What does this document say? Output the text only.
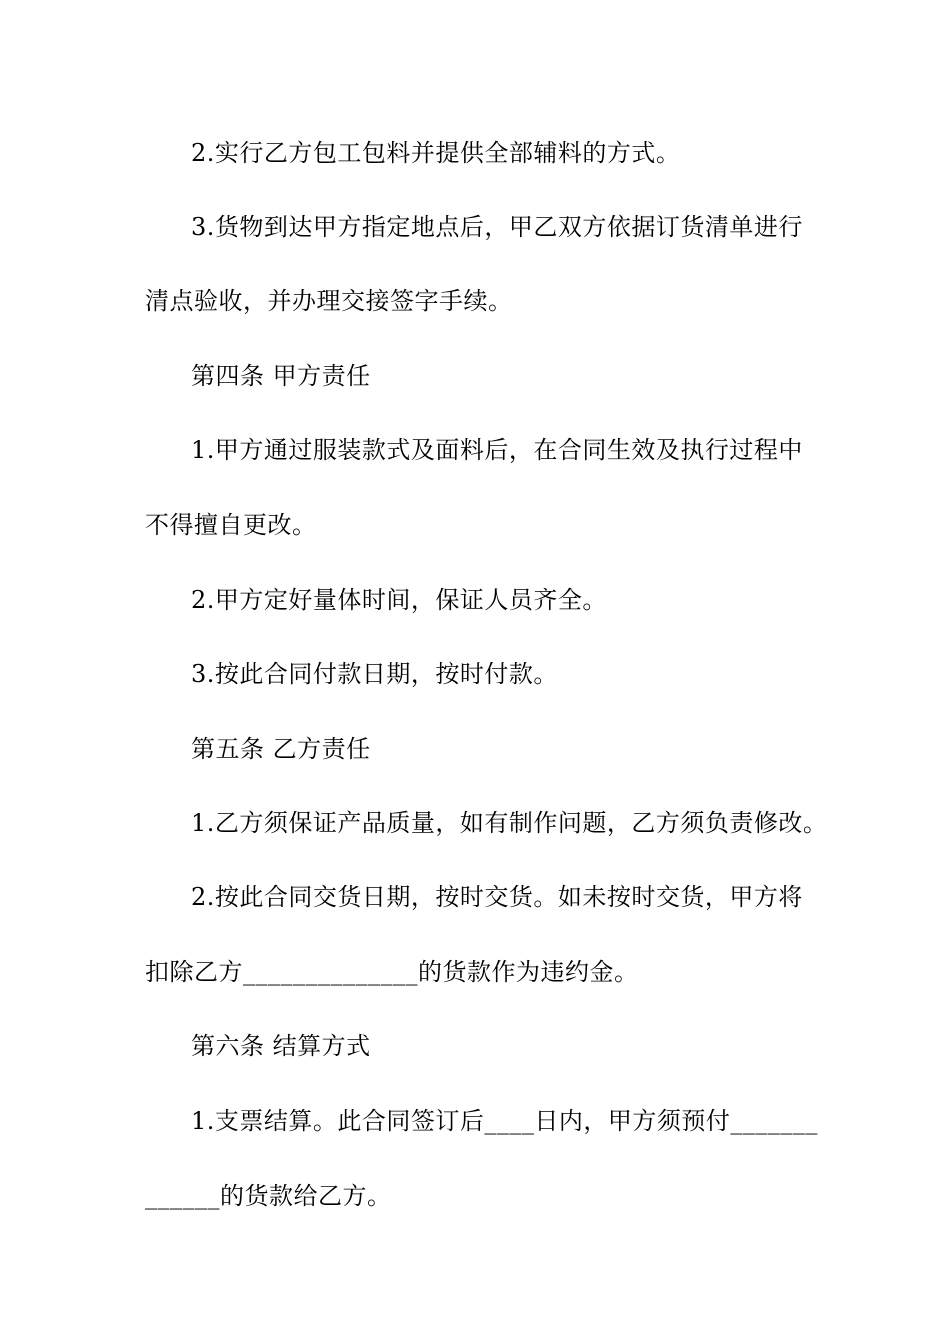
2.实行乙方包工包料并提供全部辅料的方式。

3.货物到达甲方指定地点后，甲乙双方依据订货清单进行

清点验收，并办理交接签字手续。

第四条 甲方责任

1.甲方通过服装款式及面料后，在合同生效及执行过程中

不得擅自更改。

2.甲方定好量体时间，保证人员齐全。

3.按此合同付款日期，按时付款。

第五条 乙方责任

1.乙方须保证产品质量，如有制作问题，乙方须负责修改。

2.按此合同交货日期，按时交货。如未按时交货，甲方将

扣除乙方______________的货款作为违约金。

第六条 结算方式

1.支票结算。此合同签订后____日内，甲方须预付_______

______的货款给乙方。
